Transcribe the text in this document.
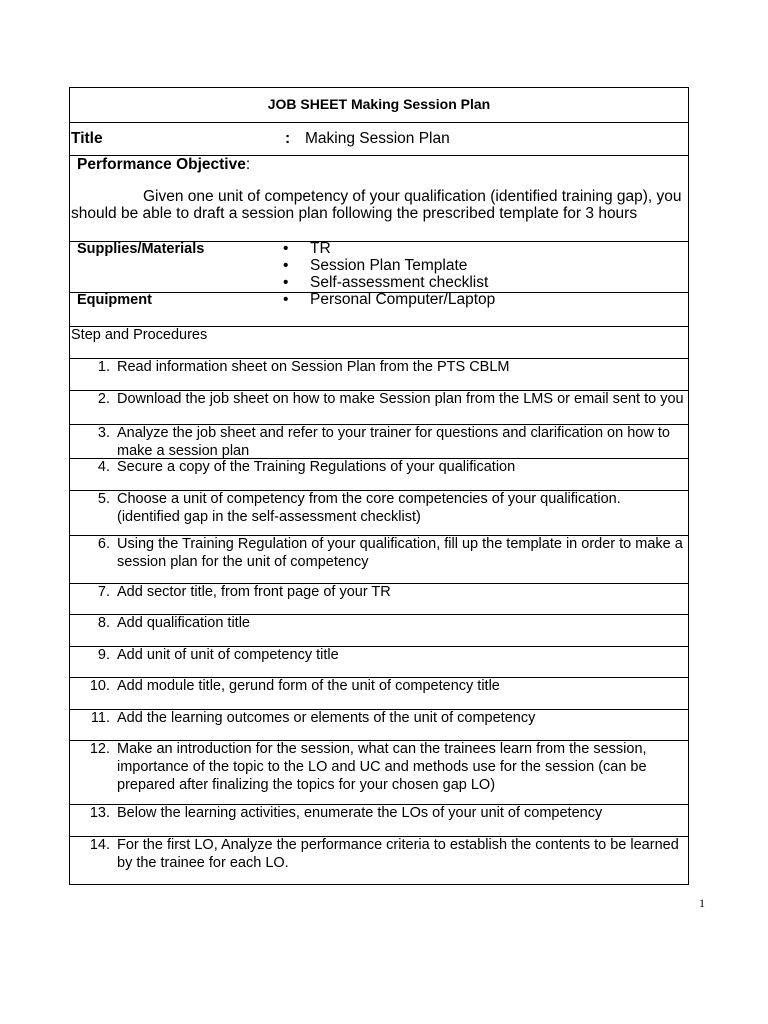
JOB SHEET Making Session Plan
Title	: Making Session Plan
Performance Objective:
Given one unit of competency of your qualification (identified training gap), you should be able to draft a session plan following the prescribed template for 3 hours
Supplies/Materials	• TR
• Session Plan Template
• Self-assessment checklist
Equipment	• Personal Computer/Laptop
Step and Procedures
1. Read information sheet on Session Plan from the PTS CBLM
2. Download the job sheet on how to make Session plan from the LMS or email sent to you
3. Analyze the job sheet and refer to your trainer for questions and clarification on how to make a session plan
4. Secure a copy of the Training Regulations of your qualification
5. Choose a unit of competency from the core competencies of your qualification. (identified gap in the self-assessment checklist)
6. Using the Training Regulation of your qualification, fill up the template in order to make a session plan for the unit of competency
7. Add sector title, from front page of your TR
8. Add qualification title
9. Add unit of unit of competency title
10. Add module title, gerund form of the unit of competency title
11. Add the learning outcomes or elements of the unit of competency
12. Make an introduction for the session, what can the trainees learn from the session, importance of the topic to the LO and UC and methods use for the session (can be prepared after finalizing the topics for your chosen gap LO)
13. Below the learning activities, enumerate the LOs of your unit of competency
14. For the first LO, Analyze the performance criteria to establish the contents to be learned by the trainee for each LO.
1
